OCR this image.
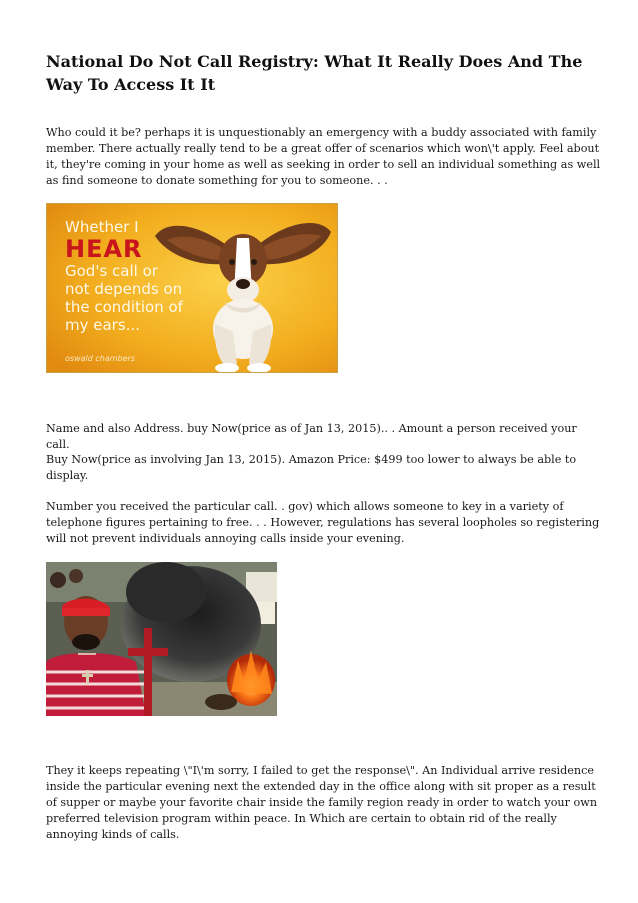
National Do Not Call Registry: What It Really Does And The Way To Access It It

Who could it be? perhaps it is unquestionably an emergency with a buddy associated with family member. There actually really tend to be a great offer of scenarios which won\'t apply. Feel about it, they're coming in your home as well as seeking in order to sell an individual something as well as find someone to donate something for you to someone. . .

Whether I

HEAR
God's call or
not depends on
the condition of
my ears...
oswald chambers

Name and also Address. buy Now(price as of Jan 13, 2015).. . Amount a person received your call.

Buy Now(price as involving Jan 13, 2015). Amazon Price: $499 too lower to always be able to display.

Number you received the particular call. . gov) which allows someone to key in a variety of telephone figures pertaining to free. . . However, regulations has several loopholes so registering will not prevent individuals annoying calls inside your evening.

They it keeps repeating \"I\'m sorry, I failed to get the response\". An Individual arrive residence inside the particular evening next the extended day in the office along with sit proper as a result of supper or maybe your favorite chair inside the family region ready in order to watch your own preferred television program within peace. In Which are certain to obtain rid of the really annoying kinds of calls.
